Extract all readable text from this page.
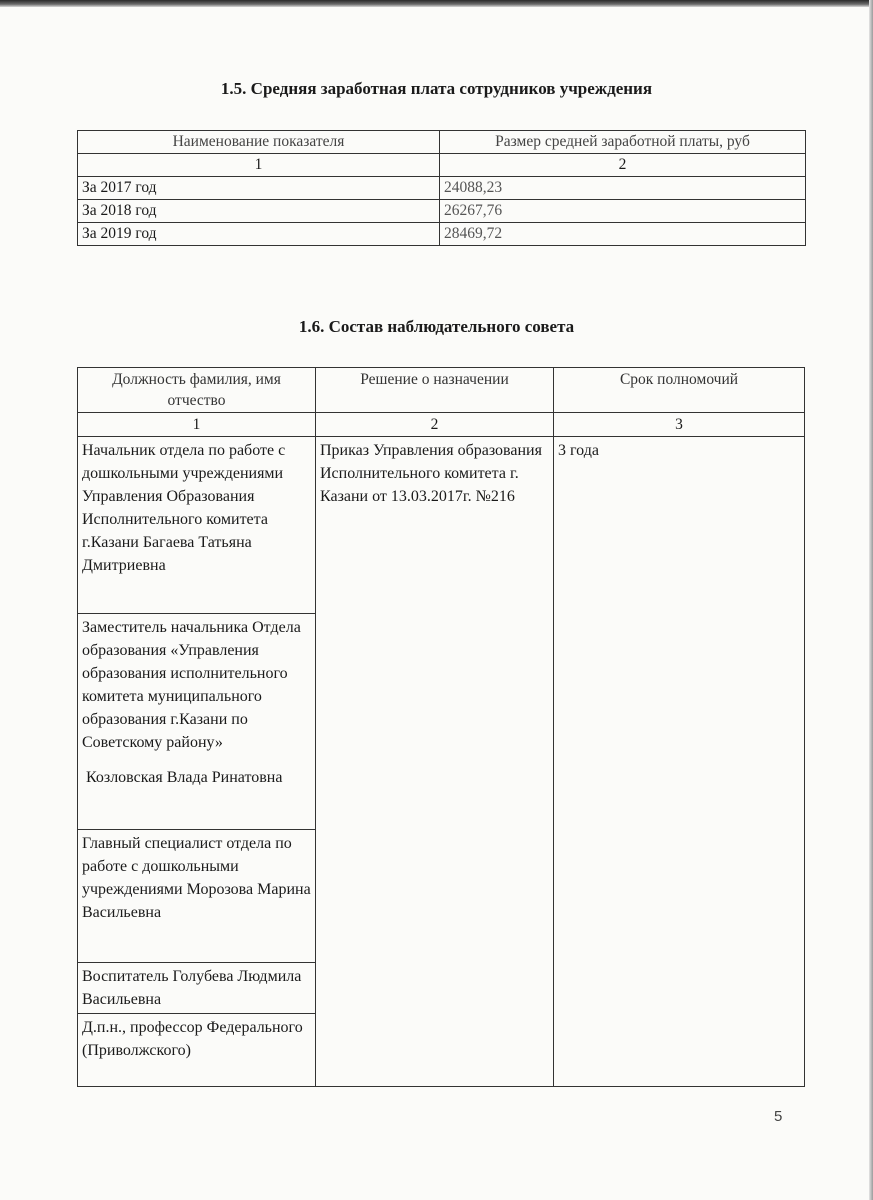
1.5. Средняя заработная плата сотрудников учреждения
Наименование показателя	Размер средней заработной платы, руб
1	2
За 2017 год	24088,23
За 2018 год	26267,76
За 2019 год	28469,72
1.6. Состав наблюдательного совета
Должность фамилия, имя отчество	Решение о назначении	Срок полномочий
1	2	3
Начальник отдела по работе с дошкольными учреждениями Управления Образования Исполнительного комитета г.Казани Багаева Татьяна Дмитриевна	Приказ Управления образования Исполнительного комитета г. Казани от 13.03.2017г. №216	3 года
Заместитель начальника Отдела образования «Управления образования исполнительного комитета муниципального образования г.Казани по Советскому району»
Козловская Влада Ринатовна		
Главный специалист отдела по работе с дошкольными учреждениями Морозова Марина Васильевна		
Воспитатель Голубева Людмила Васильевна		
Д.п.н., профессор Федерального (Приволжского)		
5
